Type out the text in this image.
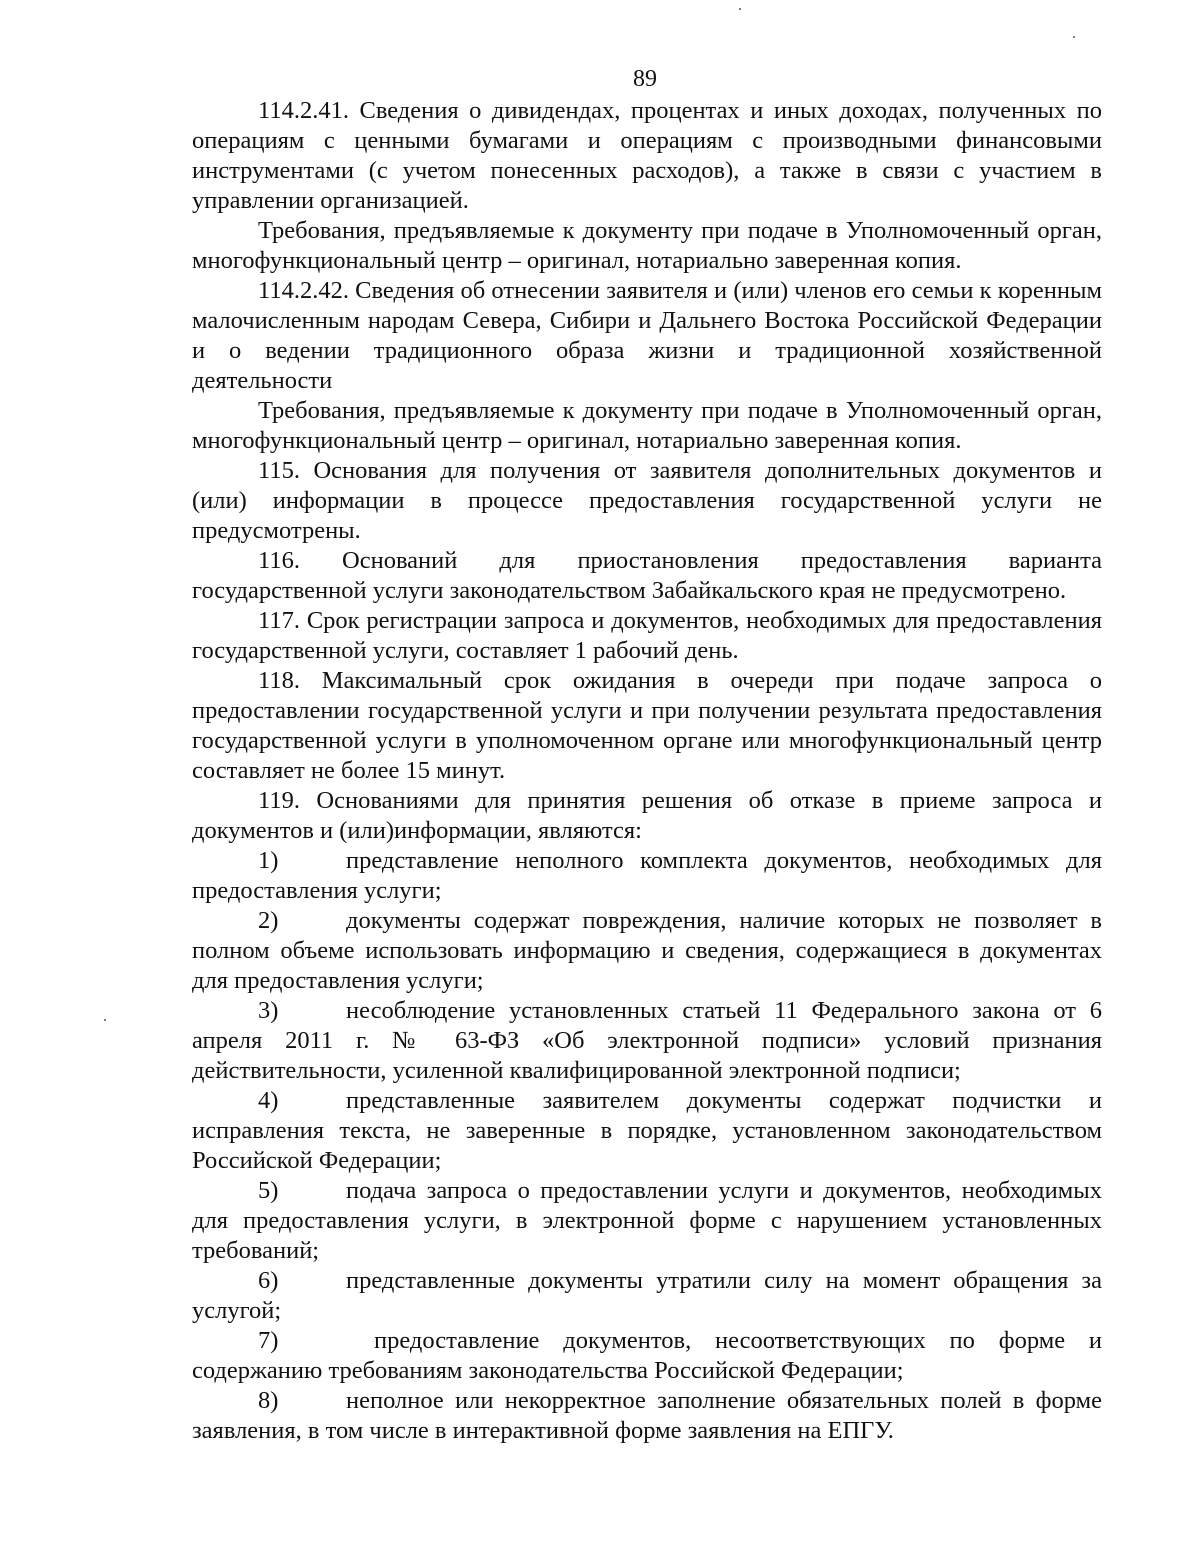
89

114.2.41. Сведения о дивидендах, процентах и иных доходах, полученных по операциям с ценными бумагами и операциям с производными финансовыми инструментами (с учетом понесенных расходов), а также в связи с участием в управлении организацией.

Требования, предъявляемые к документу при подаче в Уполномоченный орган, многофункциональный центр – оригинал, нотариально заверенная копия.

114.2.42. Сведения об отнесении заявителя и (или) членов его семьи к коренным малочисленным народам Севера, Сибири и Дальнего Востока Российской Федерации и о ведении традиционного образа жизни и традиционной хозяйственной деятельности

Требования, предъявляемые к документу при подаче в Уполномоченный орган, многофункциональный центр – оригинал, нотариально заверенная копия.

115. Основания для получения от заявителя дополнительных документов и (или) информации в процессе предоставления государственной услуги не предусмотрены.

116. Оснований для приостановления предоставления варианта государственной услуги законодательством Забайкальского края не предусмотрено.

117. Срок регистрации запроса и документов, необходимых для предоставления государственной услуги, составляет 1 рабочий день.

118. Максимальный срок ожидания в очереди при подаче запроса о предоставлении государственной услуги и при получении результата предоставления государственной услуги в уполномоченном органе или многофункциональный центр составляет не более 15 минут.

119. Основаниями для принятия решения об отказе в приеме запроса и документов и (или)информации, являются:

1)	представление неполного комплекта документов, необходимых для предоставления услуги;

2)	документы содержат повреждения, наличие которых не позволяет в полном объеме использовать информацию и сведения, содержащиеся в документах для предоставления услуги;

3)	несоблюдение установленных статьей 11 Федерального закона от 6 апреля 2011 г. № 63-ФЗ «Об электронной подписи» условий признания действительности, усиленной квалифицированной электронной подписи;

4)	представленные заявителем документы содержат подчистки и исправления текста, не заверенные в порядке, установленном законодательством Российской Федерации;

5)	подача запроса о предоставлении услуги и документов, необходимых для предоставления услуги, в электронной форме с нарушением установленных требований;

6)	представленные документы утратили силу на момент обращения за услугой;

7)	предоставление документов, несоответствующих по форме и содержанию требованиям законодательства Российской Федерации;

8)	неполное или некорректное заполнение обязательных полей в форме заявления, в том числе в интерактивной форме заявления на ЕПГУ.
